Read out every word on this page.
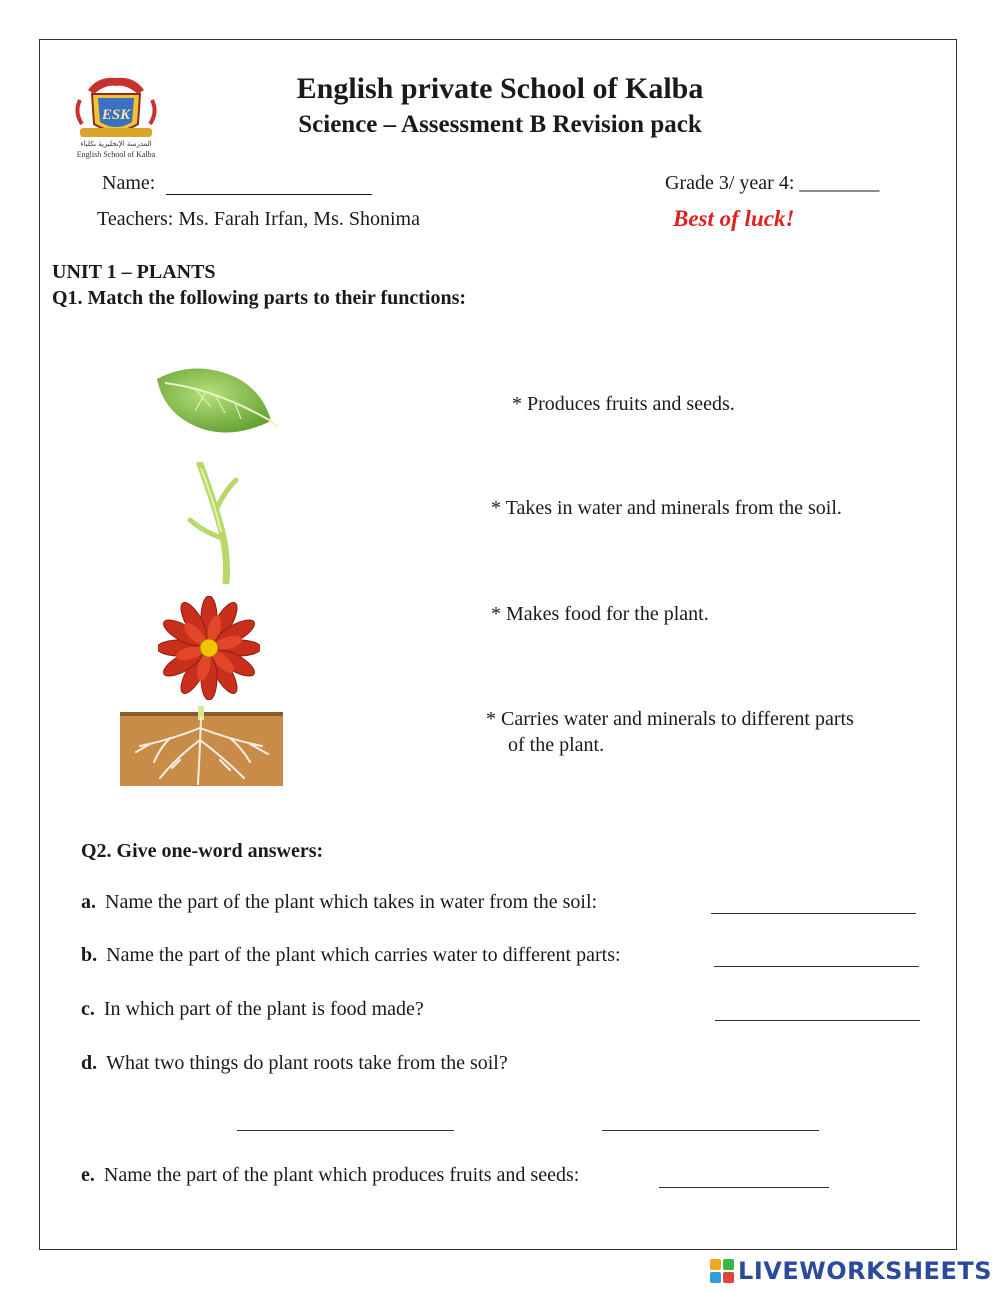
ESK
المدرسة الإنجليزية بكلباء
English School of Kalba
English private School of Kalba
Science – Assessment B Revision pack
Name:	Grade 3/ year 4: ________
Teachers: Ms. Farah Irfan, Ms. Shonima	Best of luck!
UNIT 1 – PLANTS
Q1. Match the following parts to their functions:
* Produces fruits and seeds.
* Takes in water and minerals from the soil.
* Makes food for the plant.
* Carries water and minerals to different parts
of the plant.
Q2. Give one-word answers:
a. Name the part of the plant which takes in water from the soil:
b. Name the part of the plant which carries water to different parts:
c. In which part of the plant is food made?
d. What two things do plant roots take from the soil?
e. Name the part of the plant which produces fruits and seeds:
LIVEWORKSHEETS
